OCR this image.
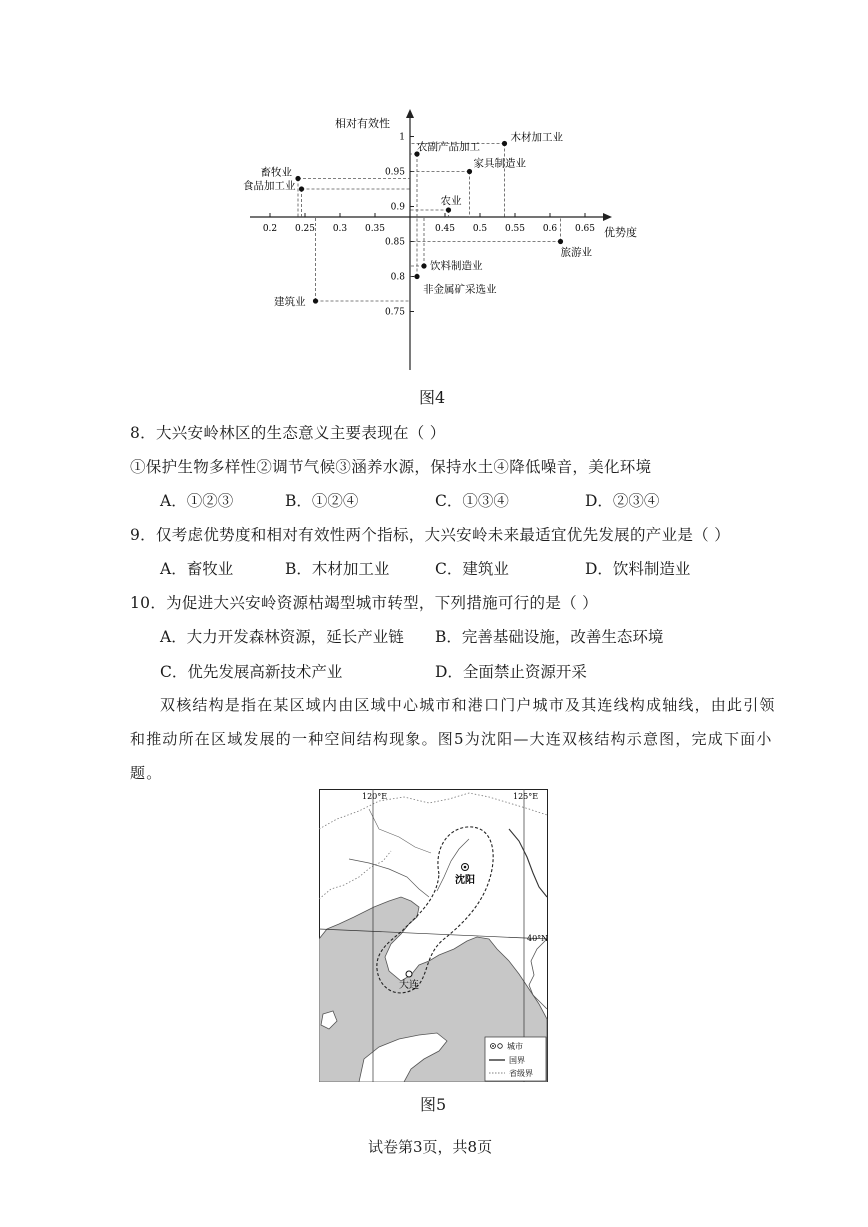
相对有效性
优势度
0.2 0.25 0.3 0.35	0.45 0.5 0.55 0.6 0.65
1
0.95
0.9
0.85
0.8
0.75
木材加工业
农副产品加工
家具制造业
畜牧业
食品加工业
农业
旅游业
饮料制造业
非金属矿采选业
建筑业
图4
8．大兴安岭林区的生态意义主要表现在（ ）
①保护生物多样性②调节气候③涵养水源，保持水土④降低噪音，美化环境
A．①②③	B．①②④	C．①③④	D．②③④
9．仅考虑优势度和相对有效性两个指标，大兴安岭未来最适宜优先发展的产业是（ ）
A．畜牧业	B．木材加工业	C．建筑业	D．饮料制造业
10．为促进大兴安岭资源枯竭型城市转型，下列措施可行的是（ ）
A．大力开发森林资源，延长产业链 B．完善基础设施，改善生态环境
C．优先发展高新技术产业	D．全面禁止资源开采
双核结构是指在某区域内由区域中心城市和港口门户城市及其连线构成轴线，由此引领
和推动所在区域发展的一种空间结构现象。图5为沈阳—大连双核结构示意图，完成下面小
题。
120°E	125°E
40°N
沈阳
大连
城市
国界
省级界
图5
试卷第3页，共8页
